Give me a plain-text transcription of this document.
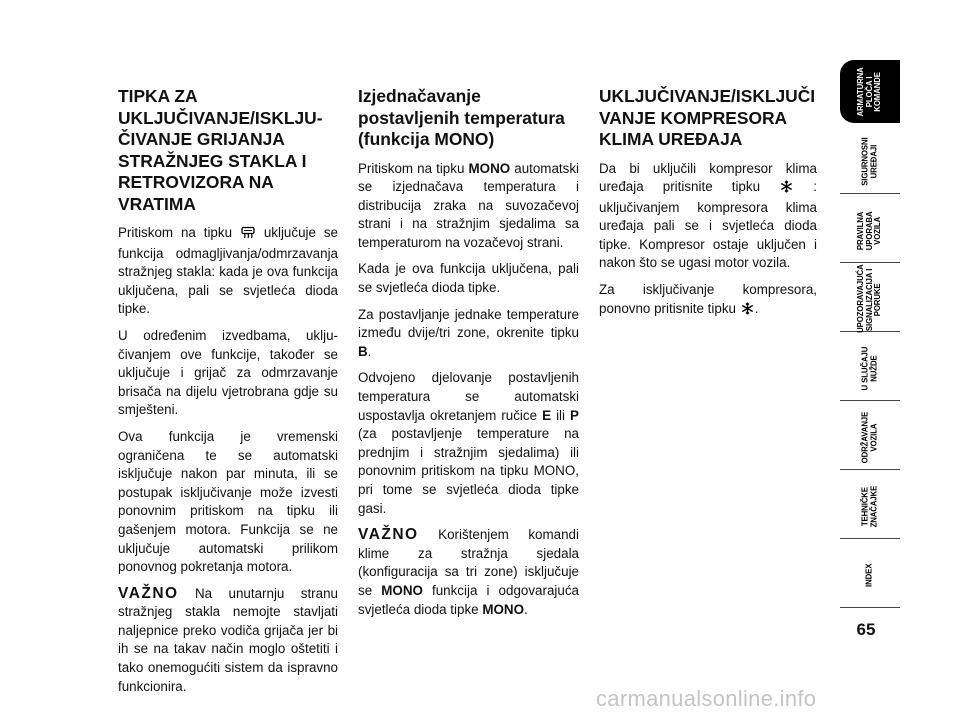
TIPKA ZA UKLJUČIVANJE/ISKLJU-ČIVANJE GRIJANJA STRAŽNJEG STAKLA I RETROVIZORA NA VRATIMA

Pritiskom na tipku uključuje se funkcija odmagljivanja/odmrzavanja stražnjeg stakla: kada je ova funkcija uključena, pali se svjetleća dioda tipke.

U određenim izvedbama, uklju-čivanjem ove funkcije, također se uključuje i grijač za odmrzavanje brisača na dijelu vjetrobrana gdje su smješteni.

Ova funkcija je vremenski ograničena te se automatski isključuje nakon par minuta, ili se postupak isključivanje može izvesti ponovnim pritiskom na tipku ili gašenjem motora. Funkcija se ne uključuje automatski prilikom ponovnog pokretanja motora.

VAŽNO Na unutarnju stranu stražnjeg stakla nemojte stavljati naljepnice preko vodiča grijača jer bi ih se na takav način moglo oštetiti i tako onemogućiti sistem da ispravno funkcionira.

Izjednačavanje postavljenih temperatura (funkcija MONO)

Pritiskom na tipku MONO automatski se izjednačava temperatura i distribucija zraka na suvozačevoj strani i na stražnjim sjedalima sa temperaturom na vozačevoj strani.

Kada je ova funkcija uključena, pali se svjetleća dioda tipke.

Za postavljanje jednake temperature između dvije/tri zone, okrenite tipku B.

Odvojeno djelovanje postavljenih temperatura se automatski uspostavlja okretanjem ručice E ili P (za postavljenje temperature na prednjim i stražnjim sjedalima) ili ponovnim pritiskom na tipku MONO, pri tome se svjetleća dioda tipke gasi.

VAŽNO Korištenjem komandi klime za stražnja sjedala (konfiguracija sa tri zone) isključuje se MONO funkcija i odgovarajuća svjetleća dioda tipke MONO.

UKLJUČIVANJE/ISKLJUČI VANJE KOMPRESORA KLIMA UREĐAJA

Da bi uključili kompresor klima uređaja pritisnite tipku	: uključivanjem kompresora klima uređaja pali se i svjetleća dioda tipke. Kompresor ostaje uključen i nakon što se ugasi motor vozila.

Za isključivanje kompresora, ponovno pritisnite tipku .

ARMATURNA
PLOČA I
KOMANDE
SIGURNOSNI
UREĐAJI
PRAVILNA
UPORABA
VOZILA
UPOZORAVAJUĆA
SIGNALIZACIJA I
PORUKE
U SLUČAJU
NUŽDE
ODRŽAVANJE
VOZILA
TEHNIČKE
ZNAČAJKE
INDEX
65
carmanualsonline.info
